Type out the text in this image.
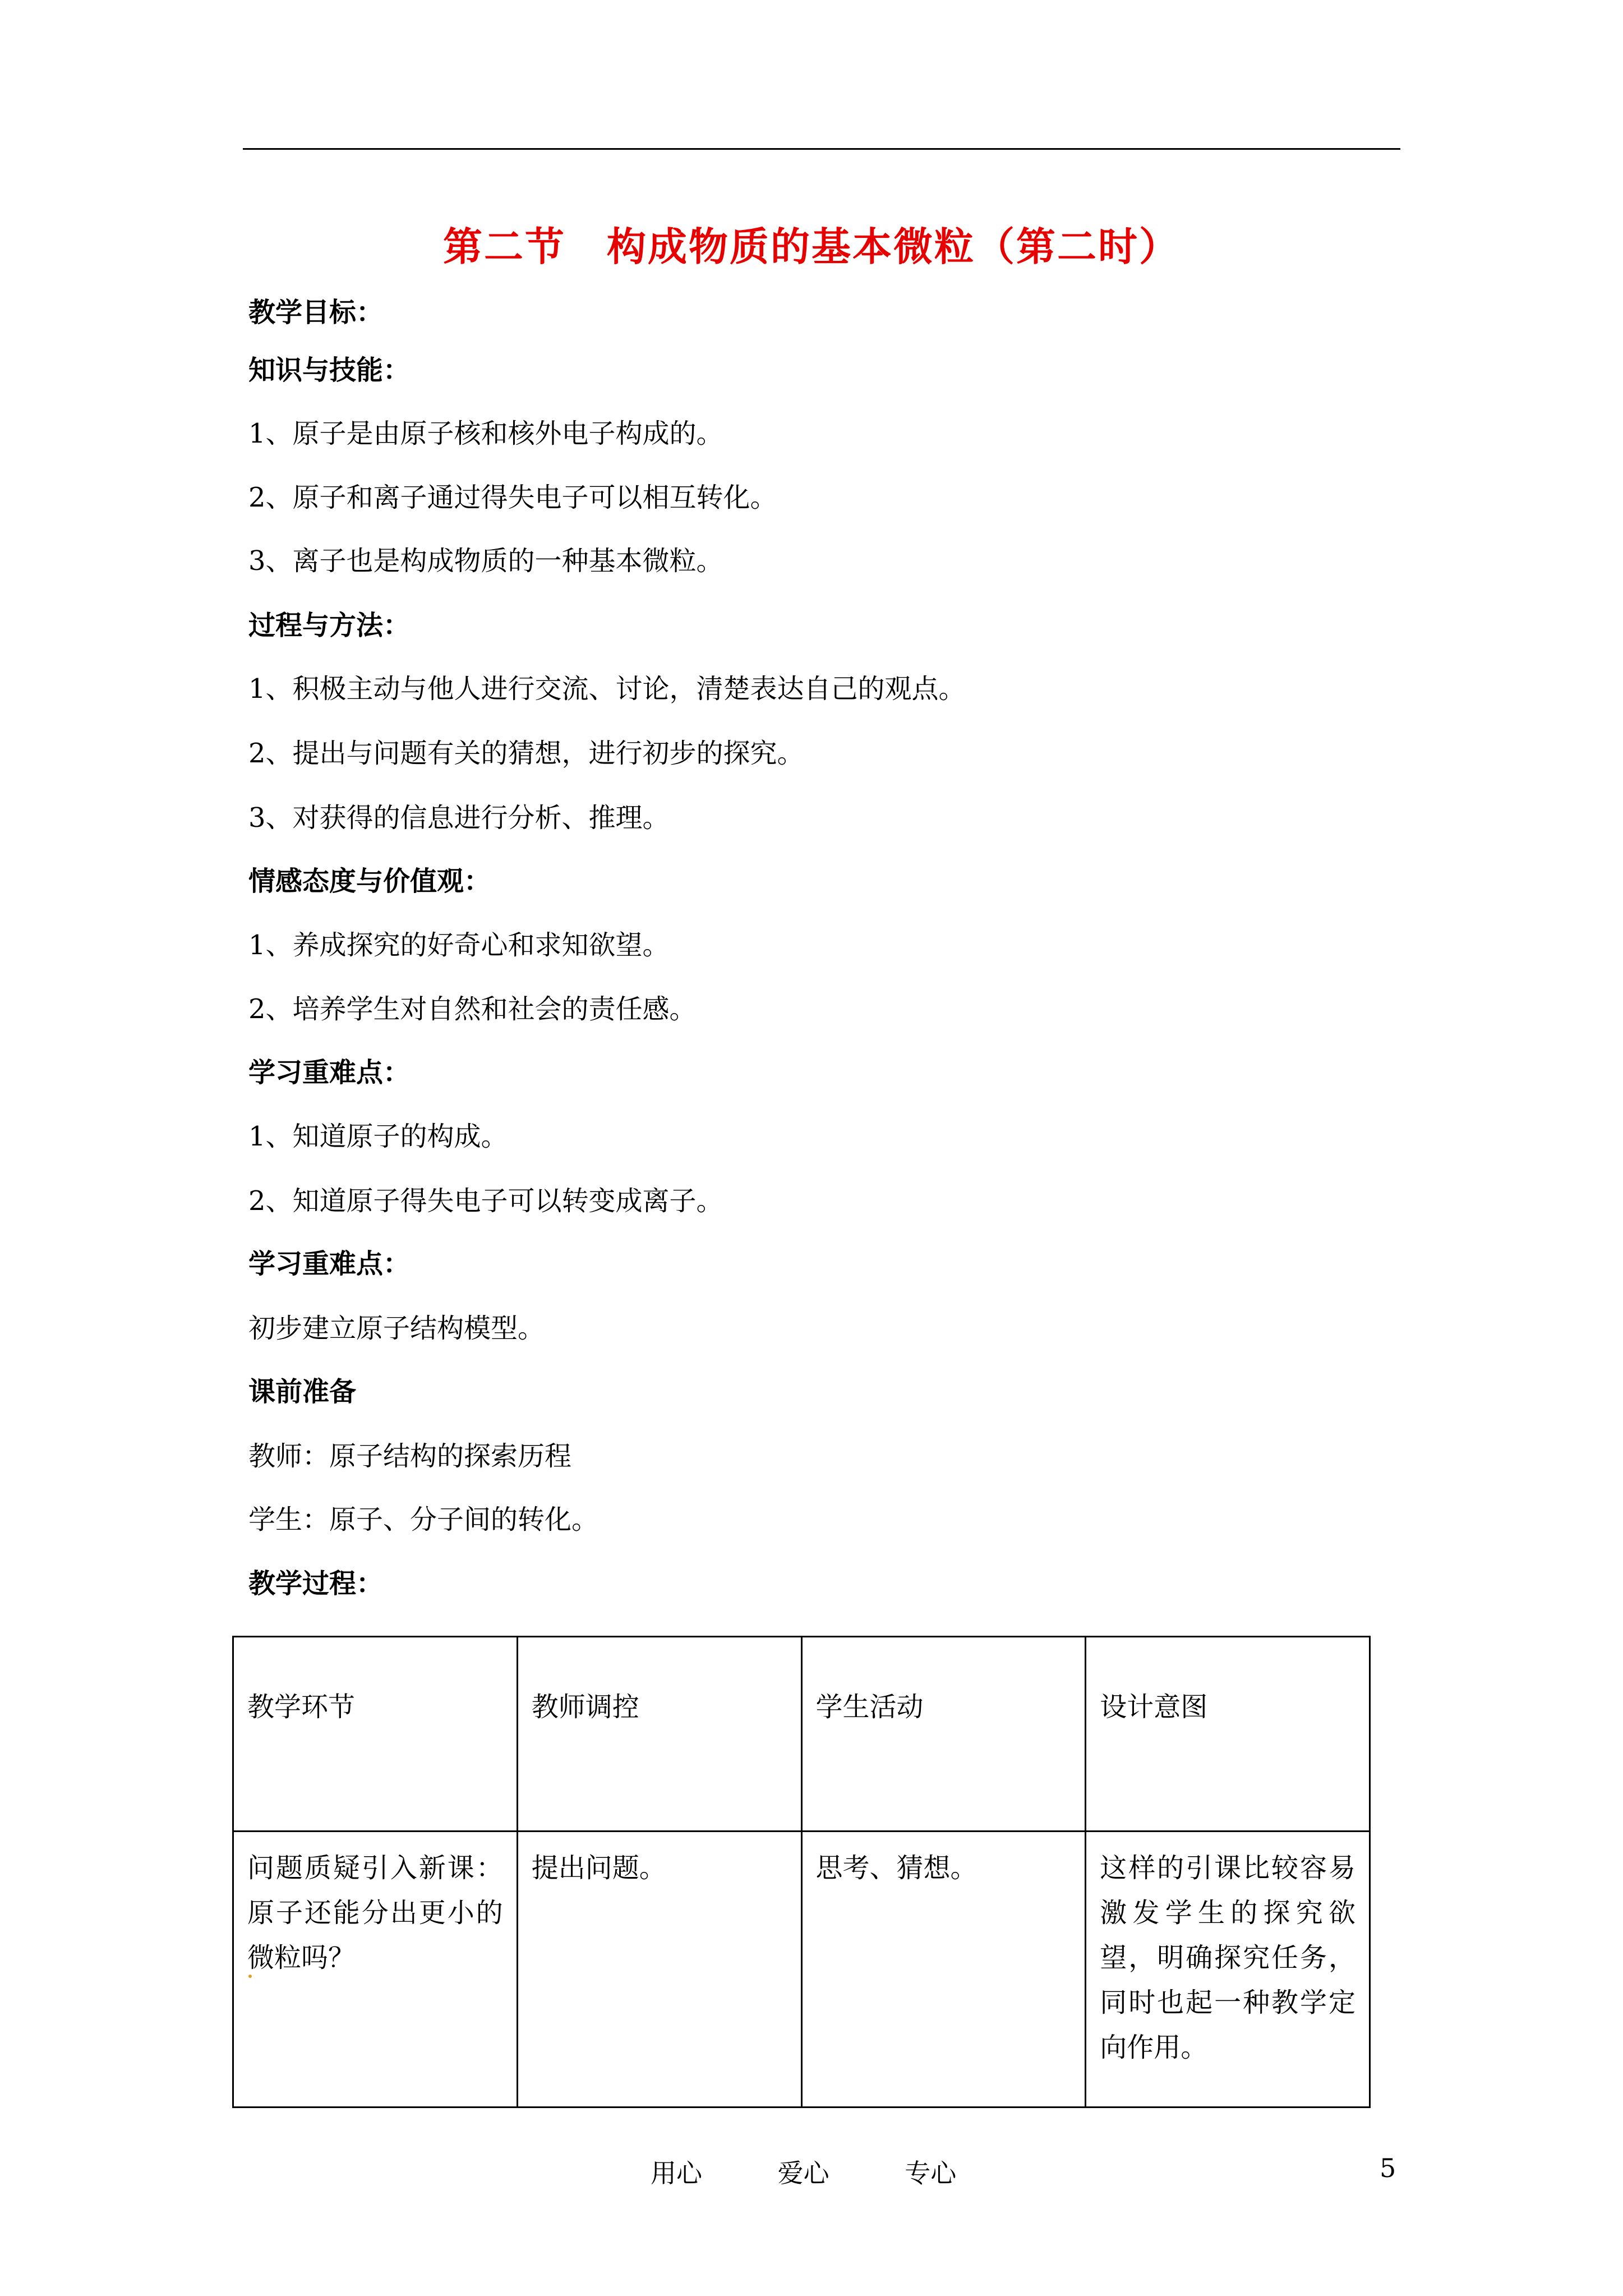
第二节　构成物质的基本微粒（第二时）
教学目标：
知识与技能：
1、原子是由原子核和核外电子构成的。
2、原子和离子通过得失电子可以相互转化。
3、离子也是构成物质的一种基本微粒。
过程与方法：
1、积极主动与他人进行交流、讨论，清楚表达自己的观点。
2、提出与问题有关的猜想，进行初步的探究。
3、对获得的信息进行分析、推理。
情感态度与价值观：
1、养成探究的好奇心和求知欲望。
2、培养学生对自然和社会的责任感。
学习重难点：
1、知道原子的构成。
2、知道原子得失电子可以转变成离子。
学习重难点：
初步建立原子结构模型。
课前准备
教师：原子结构的探索历程
学生：原子、分子间的转化。
教学过程：
教学环节	教师调控	学生活动	设计意图
问题质疑引入新课：原子还能分出更小的微粒吗？	提出问题。	思考、猜想。	这样的引课比较容易激发学生的探究欲望，明确探究任务，同时也起一种教学定向作用。
用心	爱心	专心	5
